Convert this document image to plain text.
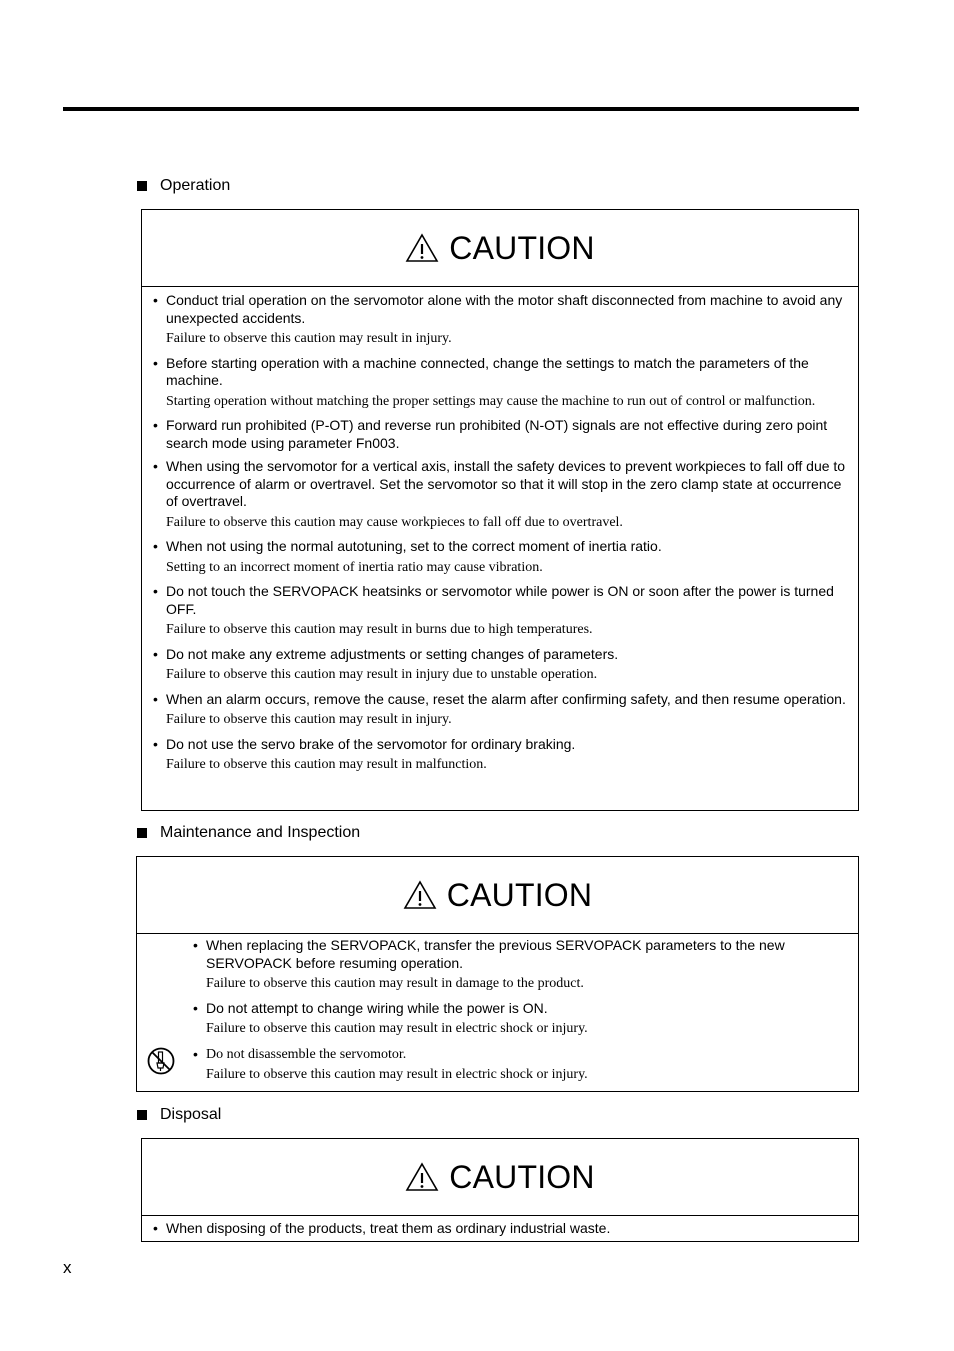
Operation
CAUTION
• Conduct trial operation on the servomotor alone with the motor shaft disconnected from machine to avoid any unexpected accidents.
Failure to observe this caution may result in injury.
• Before starting operation with a machine connected, change the settings to match the parameters of the machine.
Starting operation without matching the proper settings may cause the machine to run out of control or malfunction.
• Forward run prohibited (P-OT) and reverse run prohibited (N-OT) signals are not effective during zero point search mode using parameter Fn003.
• When using the servomotor for a vertical axis, install the safety devices to prevent workpieces to fall off due to occurrence of alarm or overtravel. Set the servomotor so that it will stop in the zero clamp state at occurrence of overtravel.
Failure to observe this caution may cause workpieces to fall off due to overtravel.
• When not using the normal autotuning, set to the correct moment of inertia ratio.
Setting to an incorrect moment of inertia ratio may cause vibration.
• Do not touch the SERVOPACK heatsinks or servomotor while power is ON or soon after the power is turned OFF.
Failure to observe this caution may result in burns due to high temperatures.
• Do not make any extreme adjustments or setting changes of parameters.
Failure to observe this caution may result in injury due to unstable operation.
• When an alarm occurs, remove the cause, reset the alarm after confirming safety, and then resume operation.
Failure to observe this caution may result in injury.
• Do not use the servo brake of the servomotor for ordinary braking.
Failure to observe this caution may result in malfunction.
Maintenance and Inspection
CAUTION
• When replacing the SERVOPACK, transfer the previous SERVOPACK parameters to the new SERVOPACK before resuming operation.
Failure to observe this caution may result in damage to the product.
• Do not attempt to change wiring while the power is ON.
Failure to observe this caution may result in electric shock or injury.
• Do not disassemble the servomotor.
Failure to observe this caution may result in electric shock or injury.
Disposal
CAUTION
• When disposing of the products, treat them as ordinary industrial waste.
x
